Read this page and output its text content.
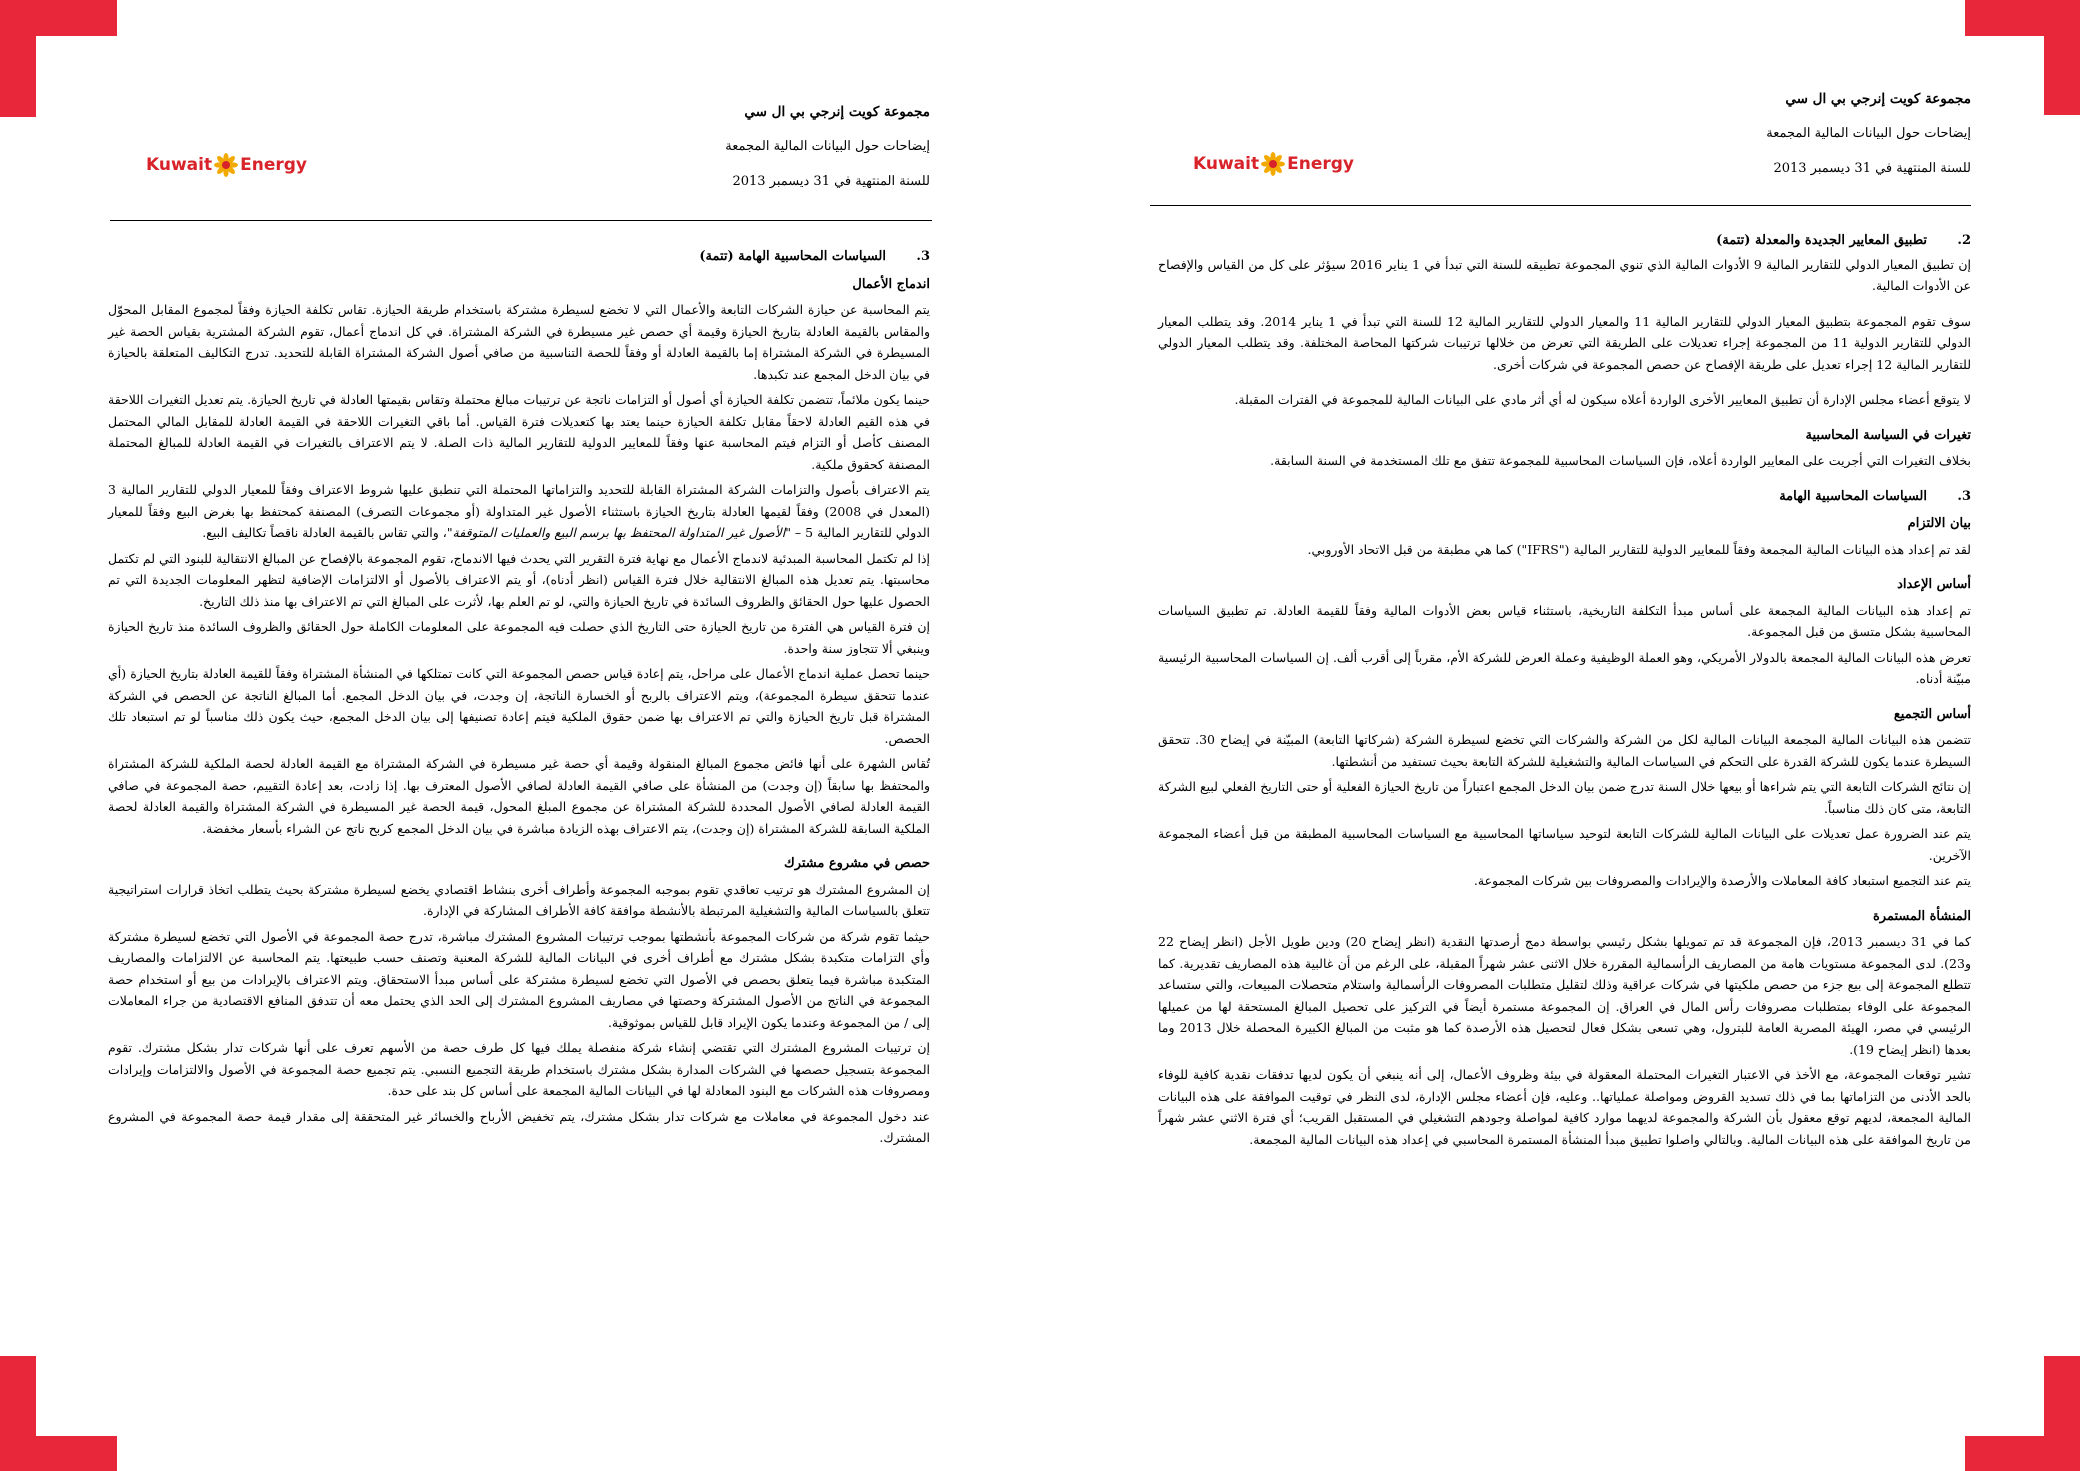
مجموعة كويت إنرجي بي ال سي
إيضاحات حول البيانات المالية المجمعة
للسنة المنتهية في 31 ديسمبر 2013
Kuwait Energy
3.
السياسات المحاسبية الهامة (تتمة)
اندماج الأعمال

يتم المحاسبة عن حيازة الشركات التابعة والأعمال التي لا تخضع لسيطرة مشتركة باستخدام طريقة الحيازة. تقاس تكلفة الحيازة وفقاً لمجموع المقابل المحوّل والمقاس بالقيمة العادلة بتاريخ الحيازة وقيمة أي حصص غير مسيطرة في الشركة المشتراة. في كل اندماج أعمال، تقوم الشركة المشترية بقياس الحصة غير المسيطرة في الشركة المشتراة إما بالقيمة العادلة أو وفقاً للحصة التناسبية من صافي أصول الشركة المشتراة القابلة للتحديد. تدرج التكاليف المتعلقة بالحيازة في بيان الدخل المجمع عند تكبدها.

حينما يكون ملائماً، تتضمن تكلفة الحيازة أي أصول أو التزامات ناتجة عن ترتيبات مبالغ محتملة وتقاس بقيمتها العادلة في تاريخ الحيازة. يتم تعديل التغيرات اللاحقة في هذه القيم العادلة لاحقاً مقابل تكلفة الحيازة حينما يعتد بها كتعديلات فترة القياس. أما باقي التغيرات اللاحقة في القيمة العادلة للمقابل المالي المحتمل المصنف كأصل أو التزام فيتم المحاسبة عنها وفقاً للمعايير الدولية للتقارير المالية ذات الصلة. لا يتم الاعتراف بالتغيرات في القيمة العادلة للمبالغ المحتملة المصنفة كحقوق ملكية.

يتم الاعتراف بأصول والتزامات الشركة المشتراة القابلة للتحديد والتزاماتها المحتملة التي تنطبق عليها شروط الاعتراف وفقاً للمعيار الدولي للتقارير المالية 3 (المعدل في 2008) وفقاً لقيمها العادلة بتاريخ الحيازة باستثناء الأصول غير المتداولة (أو مجموعات التصرف) المصنفة كمحتفظ بها بغرض البيع وفقاً للمعيار الدولي للتقارير المالية 5 – "الأصول غير المتداولة المحتفظ بها برسم البيع والعمليات المتوقفة"، والتي تقاس بالقيمة العادلة ناقصاً تكاليف البيع.

إذا لم تكتمل المحاسبة المبدئية لاندماج الأعمال مع نهاية فترة التقرير التي يحدث فيها الاندماج، تقوم المجموعة بالإفصاح عن المبالغ الانتقالية للبنود التي لم تكتمل محاسبتها. يتم تعديل هذه المبالغ الانتقالية خلال فترة القياس (انظر أدناه)، أو يتم الاعتراف بالأصول أو الالتزامات الإضافية لتظهر المعلومات الجديدة التي تم الحصول عليها حول الحقائق والظروف السائدة في تاريخ الحيازة والتي، لو تم العلم بها، لأثرت على المبالغ التي تم الاعتراف بها منذ ذلك التاريخ.

إن فترة القياس هي الفترة من تاريخ الحيازة حتى التاريخ الذي حصلت فيه المجموعة على المعلومات الكاملة حول الحقائق والظروف السائدة منذ تاريخ الحيازة وينبغي ألا تتجاوز سنة واحدة.

حينما تحصل عملية اندماج الأعمال على مراحل، يتم إعادة قياس حصص المجموعة التي كانت تمتلكها في المنشأة المشتراة وفقاً للقيمة العادلة بتاريخ الحيازة (أي عندما تتحقق سيطرة المجموعة)، ويتم الاعتراف بالربح أو الخسارة الناتجة، إن وجدت، في بيان الدخل المجمع. أما المبالغ الناتجة عن الحصص في الشركة المشتراة قبل تاريخ الحيازة والتي تم الاعتراف بها ضمن حقوق الملكية فيتم إعادة تصنيفها إلى بيان الدخل المجمع، حيث يكون ذلك مناسباً لو تم استبعاد تلك الحصص.

تُقاس الشهرة على أنها فائض مجموع المبالغ المنقولة وقيمة أي حصة غير مسيطرة في الشركة المشتراة مع القيمة العادلة لحصة الملكية للشركة المشتراة والمحتفظ بها سابقاً (إن وجدت) من المنشأة على صافي القيمة العادلة لصافي الأصول المعترف بها. إذا زادت، بعد إعادة التقييم، حصة المجموعة في صافي القيمة العادلة لصافي الأصول المحددة للشركة المشتراة عن مجموع المبلغ المحول، قيمة الحصة غير المسيطرة في الشركة المشتراة والقيمة العادلة لحصة الملكية السابقة للشركة المشتراة (إن وجدت)، يتم الاعتراف بهذه الزيادة مباشرة في بيان الدخل المجمع كربح ناتج عن الشراء بأسعار مخفضة.

حصص في مشروع مشترك

إن المشروع المشترك هو ترتيب تعاقدي تقوم بموجبه المجموعة وأطراف أخرى بنشاط اقتصادي يخضع لسيطرة مشتركة بحيث يتطلب اتخاذ قرارات استراتيجية تتعلق بالسياسات المالية والتشغيلية المرتبطة بالأنشطة موافقة كافة الأطراف المشاركة في الإدارة.

حيثما تقوم شركة من شركات المجموعة بأنشطتها بموجب ترتيبات المشروع المشترك مباشرة، تدرج حصة المجموعة في الأصول التي تخضع لسيطرة مشتركة وأي التزامات متكبدة بشكل مشترك مع أطراف أخرى في البيانات المالية للشركة المعنية وتصنف حسب طبيعتها. يتم المحاسبة عن الالتزامات والمصاريف المتكبدة مباشرة فيما يتعلق بحصص في الأصول التي تخضع لسيطرة مشتركة على أساس مبدأ الاستحقاق. ويتم الاعتراف بالإيرادات من بيع أو استخدام حصة المجموعة في الناتج من الأصول المشتركة وحصتها في مصاريف المشروع المشترك إلى الحد الذي يحتمل معه أن تتدفق المنافع الاقتصادية من جراء المعاملات إلى / من المجموعة وعندما يكون الإيراد قابل للقياس بموثوقية.

إن ترتيبات المشروع المشترك التي تقتضي إنشاء شركة منفصلة يملك فيها كل طرف حصة من الأسهم تعرف على أنها شركات تدار بشكل مشترك. تقوم المجموعة بتسجيل حصصها في الشركات المدارة بشكل مشترك باستخدام طريقة التجميع النسبي. يتم تجميع حصة المجموعة في الأصول والالتزامات وإيرادات ومصروفات هذه الشركات مع البنود المعادلة لها في البيانات المالية المجمعة على أساس كل بند على حدة.

عند دخول المجموعة في معاملات مع شركات تدار بشكل مشترك، يتم تخفيض الأرباح والخسائر غير المتحققة إلى مقدار قيمة حصة المجموعة في المشروع المشترك.

مجموعة كويت إنرجي بي ال سي
إيضاحات حول البيانات المالية المجمعة
للسنة المنتهية في 31 ديسمبر 2013
Kuwait Energy
2.
تطبيق المعايير الجديدة والمعدلة (تتمة)

إن تطبيق المعيار الدولي للتقارير المالية 9 الأدوات المالية الذي تنوي المجموعة تطبيقه للسنة التي تبدأ في 1 يناير 2016 سيؤثر على كل من القياس والإفصاح عن الأدوات المالية.

سوف تقوم المجموعة بتطبيق المعيار الدولي للتقارير المالية 11 والمعيار الدولي للتقارير المالية 12 للسنة التي تبدأ في 1 يناير 2014. وقد يتطلب المعيار الدولي للتقارير الدولية 11 من المجموعة إجراء تعديلات على الطريقة التي تعرض من خلالها ترتيبات شركتها المحاصة المختلفة. وقد يتطلب المعيار الدولي للتقارير المالية 12 إجراء تعديل على طريقة الإفصاح عن حصص المجموعة في شركات أخرى.

لا يتوقع أعضاء مجلس الإدارة أن تطبيق المعايير الأخرى الواردة أعلاه سيكون له أي أثر مادي على البيانات المالية للمجموعة في الفترات المقبلة.

تغيرات في السياسة المحاسبية

بخلاف التغيرات التي أجريت على المعايير الواردة أعلاه، فإن السياسات المحاسبية للمجموعة تتفق مع تلك المستخدمة في السنة السابقة.

3.
السياسات المحاسبية الهامة
بيان الالتزام

لقد تم إعداد هذه البيانات المالية المجمعة وفقاً للمعايير الدولية للتقارير المالية ("IFRS") كما هي مطبقة من قبل الاتحاد الأوروبي.

أساس الإعداد

تم إعداد هذه البيانات المالية المجمعة على أساس مبدأ التكلفة التاريخية، باستثناء قياس بعض الأدوات المالية وفقاً للقيمة العادلة. تم تطبيق السياسات المحاسبية بشكل متسق من قبل المجموعة.

تعرض هذه البيانات المالية المجمعة بالدولار الأمريكي، وهو العملة الوظيفية وعملة العرض للشركة الأم، مقرباً إلى أقرب ألف. إن السياسات المحاسبية الرئيسية مبيّنة أدناه.

أساس التجميع

تتضمن هذه البيانات المالية المجمعة البيانات المالية لكل من الشركة والشركات التي تخضع لسيطرة الشركة (شركاتها التابعة) المبيّنة في إيضاح 30. تتحقق السيطرة عندما يكون للشركة القدرة على التحكم في السياسات المالية والتشغيلية للشركة التابعة بحيث تستفيد من أنشطتها.

إن نتائج الشركات التابعة التي يتم شراءها أو بيعها خلال السنة تدرج ضمن بيان الدخل المجمع اعتباراً من تاريخ الحيازة الفعلية أو حتى التاريخ الفعلي لبيع الشركة التابعة، متى كان ذلك مناسباً.

يتم عند الضرورة عمل تعديلات على البيانات المالية للشركات التابعة لتوحيد سياساتها المحاسبية مع السياسات المحاسبية المطبقة من قبل أعضاء المجموعة الآخرين.

يتم عند التجميع استبعاد كافة المعاملات والأرصدة والإيرادات والمصروفات بين شركات المجموعة.

المنشأة المستمرة

كما في 31 ديسمبر 2013، فإن المجموعة قد تم تمويلها بشكل رئيسي بواسطة دمج أرصدتها النقدية (انظر إيضاح 20) ودين طويل الأجل (انظر إيضاح 22 و23). لدى المجموعة مستويات هامة من المصاريف الرأسمالية المقررة خلال الاثنى عشر شهراً المقبلة، على الرغم من أن غالبية هذه المصاريف تقديرية. كما تتطلع المجموعة إلى بيع جزء من حصص ملكيتها في شركات عراقية وذلك لتقليل متطلبات المصروفات الرأسمالية واستلام متحصلات المبيعات، والتي ستساعد المجموعة على الوفاء بمتطلبات مصروفات رأس المال في العراق. إن المجموعة مستمرة أيضاً في التركيز على تحصيل المبالغ المستحقة لها من عميلها الرئيسي في مصر، الهيئة المصرية العامة للبترول، وهي تسعى بشكل فعال لتحصيل هذه الأرصدة كما هو مثبت من المبالغ الكبيرة المحصلة خلال 2013 وما بعدها (انظر إيضاح 19).

تشير توقعات المجموعة، مع الأخذ في الاعتبار التغيرات المحتملة المعقولة في بيئة وظروف الأعمال، إلى أنه ينبغي أن يكون لديها تدفقات نقدية كافية للوفاء بالحد الأدنى من التزاماتها بما في ذلك تسديد القروض ومواصلة عملياتها.. وعليه، فإن أعضاء مجلس الإدارة، لدى النظر في توقيت الموافقة على هذه البيانات المالية المجمعة، لديهم توقع معقول بأن الشركة والمجموعة لديهما موارد كافية لمواصلة وجودهم التشغيلي في المستقبل القريب؛ أي فترة الاثني عشر شهراً من تاريخ الموافقة على هذه البيانات المالية. وبالتالي واصلوا تطبيق مبدأ المنشأة المستمرة المحاسبي في إعداد هذه البيانات المالية المجمعة.
